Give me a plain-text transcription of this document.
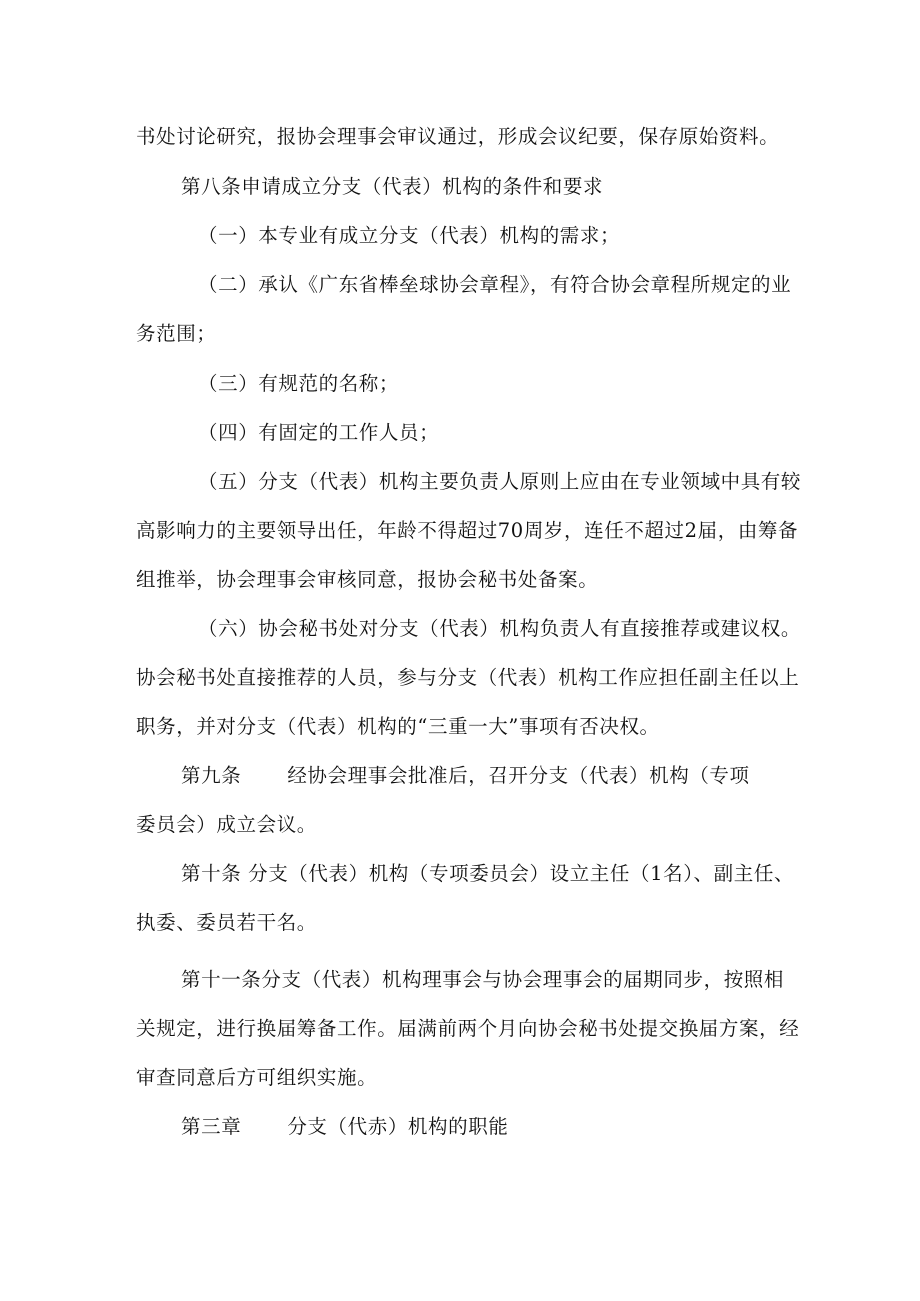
书处讨论研究，报协会理事会审议通过，形成会议纪要，保存原始资料。
第八条申请成立分支（代表）机构的条件和要求
（一）本专业有成立分支（代表）机构的需求；
（二）承认《广东省棒垒球协会章程》，有符合协会章程所规定的业
务范围；
（三）有规范的名称；
（四）有固定的工作人员；
（五）分支（代表）机构主要负责人原则上应由在专业领域中具有较
高影响力的主要领导出任，年龄不得超过70周岁，连任不超过2届，由筹备
组推举，协会理事会审核同意，报协会秘书处备案。
（六）协会秘书处对分支（代表）机构负责人有直接推荐或建议权。
协会秘书处直接推荐的人员，参与分支（代表）机构工作应担任副主任以上
职务，并对分支（代表）机构的“三重一大”事项有否决权。
第九条 经协会理事会批准后，召开分支（代表）机构（专项
委员会）成立会议。
第十条 分支（代表）机构（专项委员会）设立主任（1名）、副主任、
执委、委员若干名。
第十一条分支（代表）机构理事会与协会理事会的届期同步，按照相
关规定，进行换届筹备工作。届满前两个月向协会秘书处提交换届方案，经
审查同意后方可组织实施。
第三章 分支（代赤）机构的职能
